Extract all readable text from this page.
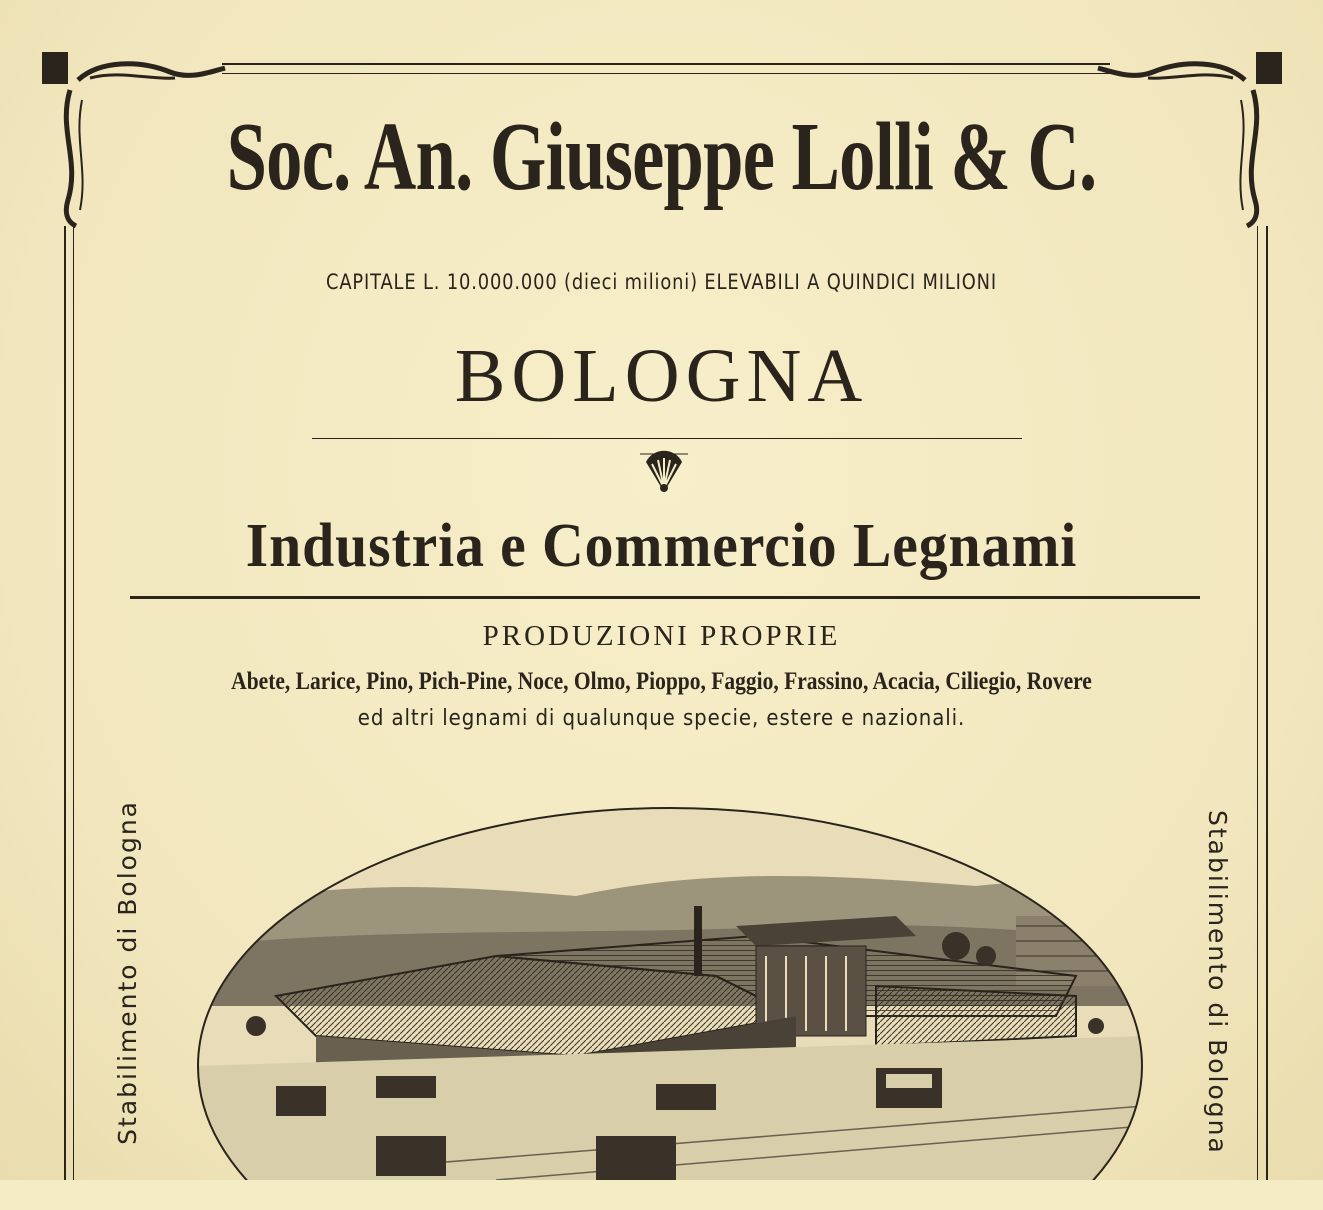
Soc. An. Giuseppe Lolli & C.
CAPITALE L. 10.000.000 (dieci milioni) ELEVABILI A QUINDICI MILIONI
BOLOGNA
Industria e Commercio Legnami
PRODUZIONI PROPRIE
Abete, Larice, Pino, Pich-Pine, Noce, Olmo, Pioppo, Faggio, Frassino, Acacia, Ciliegio, Rovere
ed altri legnami di qualunque specie, estere e nazionali.
Stabilimento di Bologna	Stabilimento di Bologna
